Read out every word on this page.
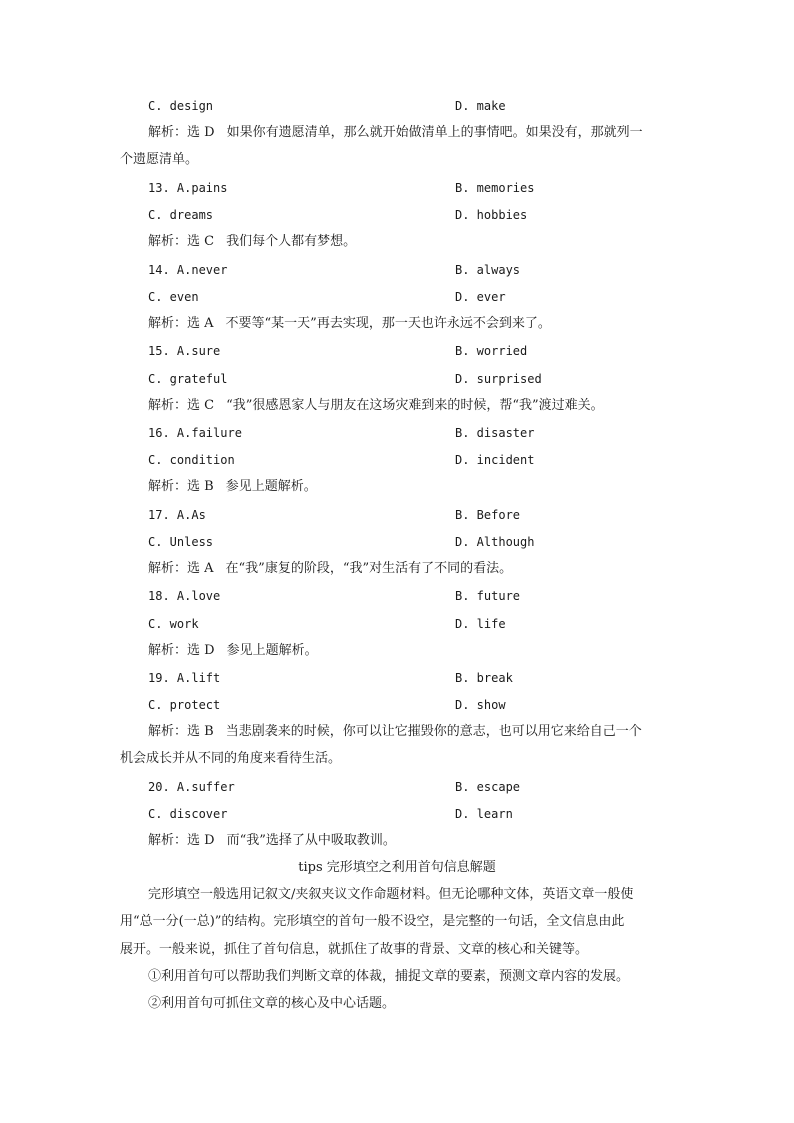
C. design	D. make
解析：选 D 如果你有遗愿清单，那么就开始做清单上的事情吧。如果没有，那就列一
个遗愿清单。
13. A.pains	B. memories
C. dreams	D. hobbies
解析：选 C 我们每个人都有梦想。
14. A.never	B. always
C. even	D. ever
解析：选 A 不要等“某一天”再去实现，那一天也许永远不会到来了。
15. A.sure	B. worried
C. grateful	D. surprised
解析：选 C “我”很感恩家人与朋友在这场灾难到来的时候，帮“我”渡过难关。
16. A.failure	B. disaster
C. condition	D. incident
解析：选 B 参见上题解析。
17. A.As	B. Before
C. Unless	D. Although
解析：选 A 在“我”康复的阶段，“我”对生活有了不同的看法。
18. A.love	B. future
C. work	D. life
解析：选 D 参见上题解析。
19. A.lift	B. break
C. protect	D. show
解析：选 B 当悲剧袭来的时候，你可以让它摧毁你的意志，也可以用它来给自己一个
机会成长并从不同的角度来看待生活。
20. A.suffer	B. escape
C. discover	D. learn
解析：选 D 而“我”选择了从中吸取教训。
tips 完形填空之利用首句信息解题
完形填空一般选用记叙文/夹叙夹议文作命题材料。但无论哪种文体，英语文章一般使
用“总一分(一总)”的结构。完形填空的首句一般不设空，是完整的一句话，全文信息由此
展开。一般来说，抓住了首句信息，就抓住了故事的背景、文章的核心和关键等。
①利用首句可以帮助我们判断文章的体裁，捕捉文章的要素，预测文章内容的发展。
②利用首句可抓住文章的核心及中心话题。
